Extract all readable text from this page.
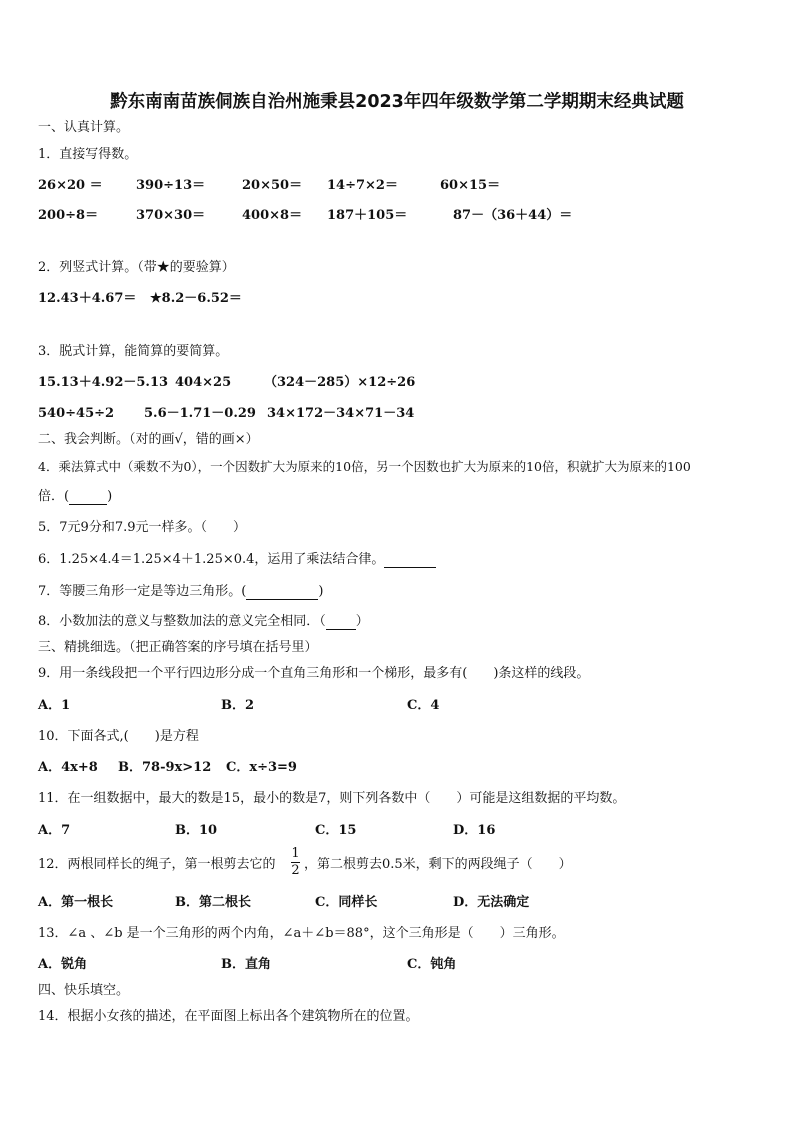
黔东南南苗族侗族自治州施秉县2023年四年级数学第二学期期末经典试题
一、认真计算。
1．直接写得数。
26×20 ＝	390÷13＝	20×50＝ 14÷7×2＝	60×15＝
200÷8＝	370×30＝	400×8＝ 187＋105＝	87－（36＋44）＝
2．列竖式计算。（带★的要验算）
12.43＋4.67＝ ★8.2－6.52＝
3．脱式计算，能简算的要简算。
15.13＋4.92－5.13 404×25	（324－285）×12÷26
540÷45÷2 5.6－1.71－0.29 34×172－34×71－34
二、我会判断。（对的画√，错的画×）
4．乘法算式中（乘数不为0），一个因数扩大为原来的10倍，另一个因数也扩大为原来的10倍，积就扩大为原来的100
倍．(	)
5．7元9分和7.9元一样多。（　　）
6．1.25×4.4＝1.25×4＋1.25×0.4，运用了乘法结合律。
7．等腰三角形一定是等边三角形。(	)
8．小数加法的意义与整数加法的意义完全相同．（ ）
三、精挑细选。（把正确答案的序号填在括号里）
9．用一条线段把一个平行四边形分成一个直角三角形和一个梯形，最多有(　　)条这样的线段。
A．1	B．2	C．4
10．下面各式,(　　)是方程
A．4x+8 B．78-9x>12 C．x÷3=9
11．在一组数据中，最大的数是15，最小的数是7，则下列各数中（　　）可能是这组数据的平均数。
A．7	B．10	C．15	D．16
12．两根同样长的绳子，第一根剪去它的
1
2 ，第二根剪去0.5米，剩下的两段绳子（　　）
A．第一根长	B．第二根长	C．同样长	D．无法确定
13．∠a 、∠b 是一个三角形的两个内角，∠a＋∠b＝88°，这个三角形是（　　）三角形。
A．锐角	B．直角	C．钝角
四、快乐填空。
14．根据小女孩的描述，在平面图上标出各个建筑物所在的位置。
